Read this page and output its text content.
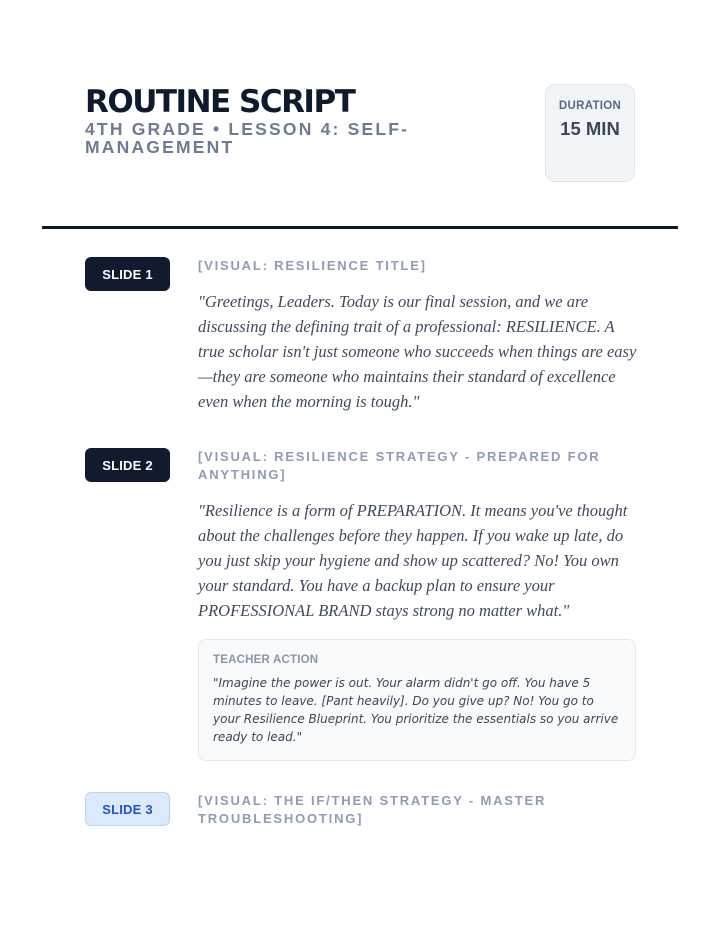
ROUTINE SCRIPT

4TH GRADE • LESSON 4: SELF-MANAGEMENT

DURATION
15 MIN
SLIDE 1

[VISUAL: RESILIENCE TITLE]

"Greetings, Leaders. Today is our final session, and we are discussing the defining trait of a professional: RESILIENCE. A true scholar isn't just someone who succeeds when things are easy—they are someone who maintains their standard of excellence even when the morning is tough."

SLIDE 2

[VISUAL: RESILIENCE STRATEGY - PREPARED FOR ANYTHING]

"Resilience is a form of PREPARATION. It means you've thought about the challenges before they happen. If you wake up late, do you just skip your hygiene and show up scattered? No! You own your standard. You have a backup plan to ensure your PROFESSIONAL BRAND stays strong no matter what."

TEACHER ACTION

"Imagine the power is out. Your alarm didn't go off. You have 5 minutes to leave. [Pant heavily]. Do you give up? No! You go to your Resilience Blueprint. You prioritize the essentials so you arrive ready to lead."

SLIDE 3

[VISUAL: THE IF/THEN STRATEGY - MASTER TROUBLESHOOTING]
